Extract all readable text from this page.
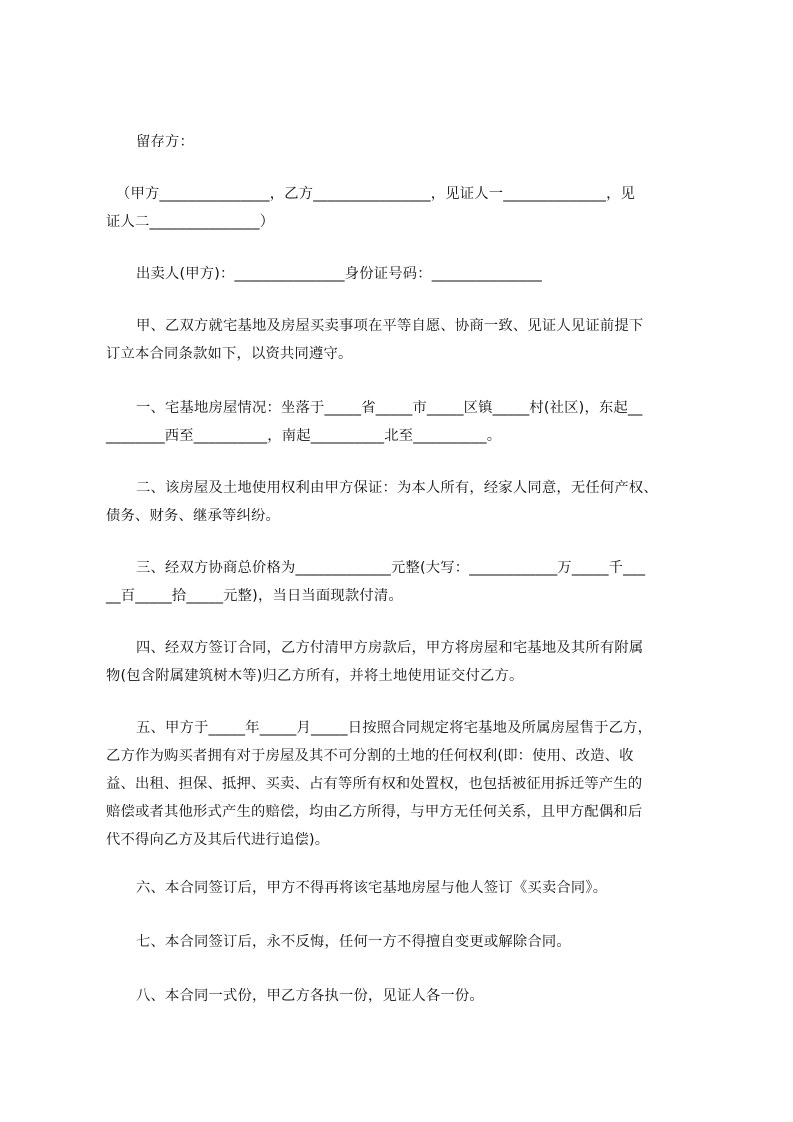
留存方：
（甲方_______________，乙方________________，见证人一______________，见
证人二_______________）
出卖人(甲方)：_______________身份证号码：_______________
甲、乙双方就宅基地及房屋买卖事项在平等自愿、协商一致、见证人见证前提下
订立本合同条款如下，以资共同遵守。
一、宅基地房屋情况：坐落于_____省_____市_____区镇_____村(社区)，东起__
________西至__________，南起__________北至__________。
二、该房屋及土地使用权利由甲方保证：为本人所有，经家人同意，无任何产权、
债务、财务、继承等纠纷。
三、经双方协商总价格为_____________元整(大写：____________万_____千___
__百_____拾_____元整)，当日当面现款付清。
四、经双方签订合同，乙方付清甲方房款后，甲方将房屋和宅基地及其所有附属
物(包含附属建筑树木等)归乙方所有，并将土地使用证交付乙方。
五、甲方于_____年_____月_____日按照合同规定将宅基地及所属房屋售于乙方，
乙方作为购买者拥有对于房屋及其不可分割的土地的任何权利(即：使用、改造、收
益、出租、担保、抵押、买卖、占有等所有权和处置权，也包括被征用拆迁等产生的
赔偿或者其他形式产生的赔偿，均由乙方所得，与甲方无任何关系，且甲方配偶和后
代不得向乙方及其后代进行追偿)。
六、本合同签订后，甲方不得再将该宅基地房屋与他人签订《买卖合同》。
七、本合同签订后，永不反悔，任何一方不得擅自变更或解除合同。
八、本合同一式份，甲乙方各执一份，见证人各一份。
